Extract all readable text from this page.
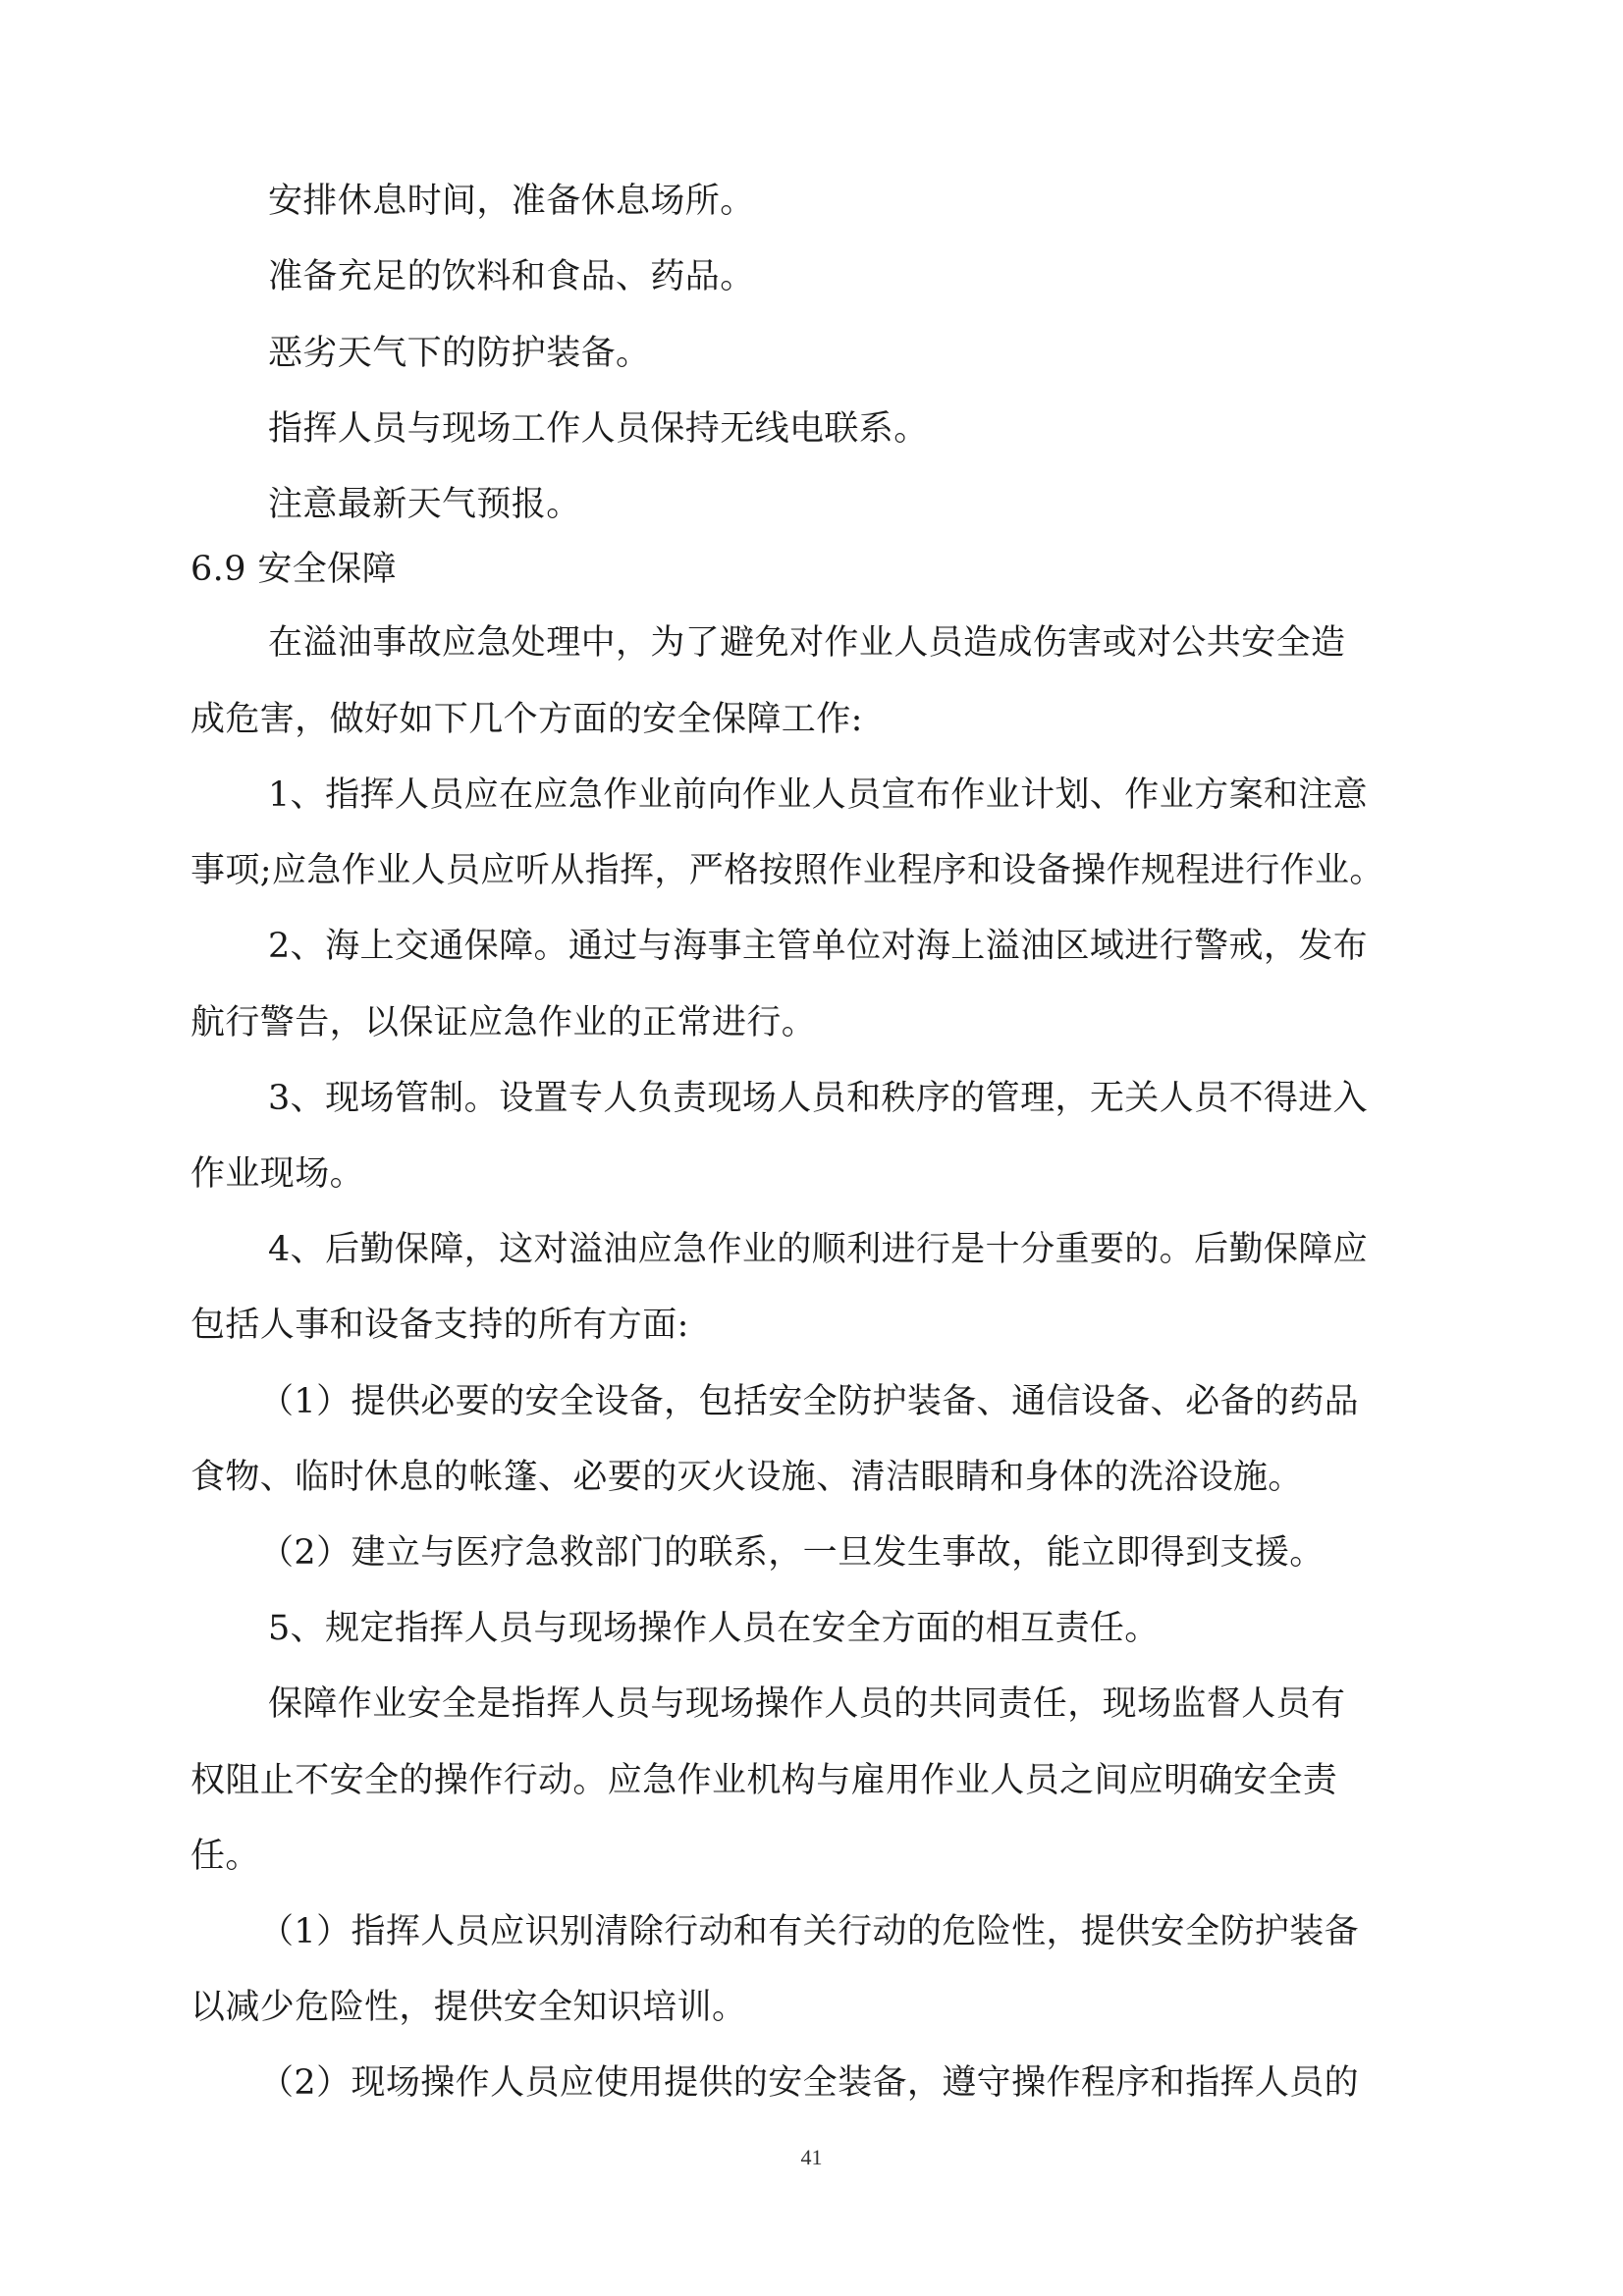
安排休息时间，准备休息场所。
准备充足的饮料和食品、药品。
恶劣天气下的防护装备。
指挥人员与现场工作人员保持无线电联系。
注意最新天气预报。
6.9 安全保障
在溢油事故应急处理中，为了避免对作业人员造成伤害或对公共安全造
成危害，做好如下几个方面的安全保障工作:
1、指挥人员应在应急作业前向作业人员宣布作业计划、作业方案和注意
事项;应急作业人员应听从指挥，严格按照作业程序和设备操作规程进行作业。
2、海上交通保障。通过与海事主管单位对海上溢油区域进行警戒，发布
航行警告，以保证应急作业的正常进行。
3、现场管制。设置专人负责现场人员和秩序的管理，无关人员不得进入
作业现场。
4、后勤保障，这对溢油应急作业的顺利进行是十分重要的。后勤保障应
包括人事和设备支持的所有方面:
（1）提供必要的安全设备，包括安全防护装备、通信设备、必备的药品
食物、临时休息的帐篷、必要的灭火设施、清洁眼睛和身体的洗浴设施。
（2）建立与医疗急救部门的联系，一旦发生事故，能立即得到支援。
5、规定指挥人员与现场操作人员在安全方面的相互责任。
保障作业安全是指挥人员与现场操作人员的共同责任，现场监督人员有
权阻止不安全的操作行动。应急作业机构与雇用作业人员之间应明确安全责
任。
（1）指挥人员应识别清除行动和有关行动的危险性，提供安全防护装备
以减少危险性，提供安全知识培训。
（2）现场操作人员应使用提供的安全装备，遵守操作程序和指挥人员的
41
